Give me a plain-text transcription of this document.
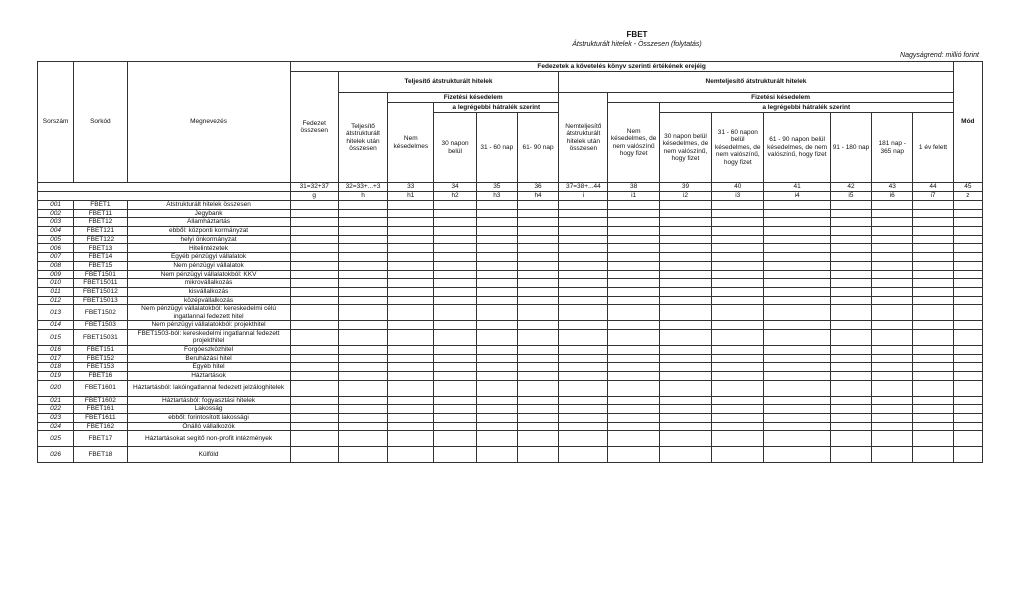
FBET
Átstrukturált hitelek - Összesen (folytatás)
Nagyságrend: millió forint
Sorszám	Sorkód	Megnevezés	Fedezetek a követelés könyv szerinti értékének erejéig														Mód
			Fedezet összesen	Teljesítő átstrukturált hitelek					Nemteljesítő átstrukturált hitelek								
				Teljesítő átstrukturált hitelek után összesen	Fizetési késedelem				Nemteljesítő átstrukturált hitelek után összesen	Fizetési késedelem							
					Nem késedelmes	a legrégebbi hátralék szerint				Nem késedelmes, de nem valószínű hogy fizet	a legrégebbi hátralék szerint						
						30 napon belül	31 - 60 nap	61- 90 nap			30 napon belül késedelmes, de nem valószínű, hogy fizet	31 - 60 napon belül késedelmes, de nem valószínű, hogy fizet	61 - 90 napon belül késedelmes, de nem valószínű, hogy fizet	91 - 180 nap	181 nap - 365 nap	1 év felett	
			31=32+37	32=33+...+3	33	34	35	36	37=38+...44	38	39	40	41	42	43	44	45
			g	h	h1	h2	h3	h4	i	i1	i2	i3	i4	i5	i6	i7	z
001	FBET1	Átstrukturált hitelek összesen															
002	FBET11	Jegybank															
003	FBET12	Államháztartás															
004	FBET121	ebből: központi kormányzat															
005	FBET122	helyi önkormányzat															
006	FBET13	Hitelintézetek															
007	FBET14	Egyéb pénzügyi vállalatok															
008	FBET15	Nem pénzügyi vállalatok															
009	FBET1501	Nem pénzügyi vállalatokból: KKV															
010	FBET15011	mikrovállalkozás															
011	FBET15012	kisvállalkozás															
012	FBET15013	középvállalkozás															
013	FBET1502	Nem pénzügyi vállalatokból: kereskedelmi célú ingatlannal fedezett hitel															
014	FBET1503	Nem pénzügyi vállalatokból: projekthitel															
015	FBET15031	FBET1503-ból: kereskedelmi ingatlannal fedezett projekthitel															
016	FBET151	Forgóeszközhitel															
017	FBET152	Beruházási hitel															
018	FBET153	Egyéb hitel															
019	FBET16	Háztartások															
020	FBET1601	Háztartásból: lakóingatlannal fedezett jelzáloghitelek															
021	FBET1602	Háztartásból: fogyasztási hitelek															
022	FBET161	Lakosság															
023	FBET1611	ebből: forintosított lakossági															
024	FBET162	Önálló vállalkozók															
025	FBET17	Háztartásokat segítő non-profit intézmények															
026	FBET18	Külföld															
